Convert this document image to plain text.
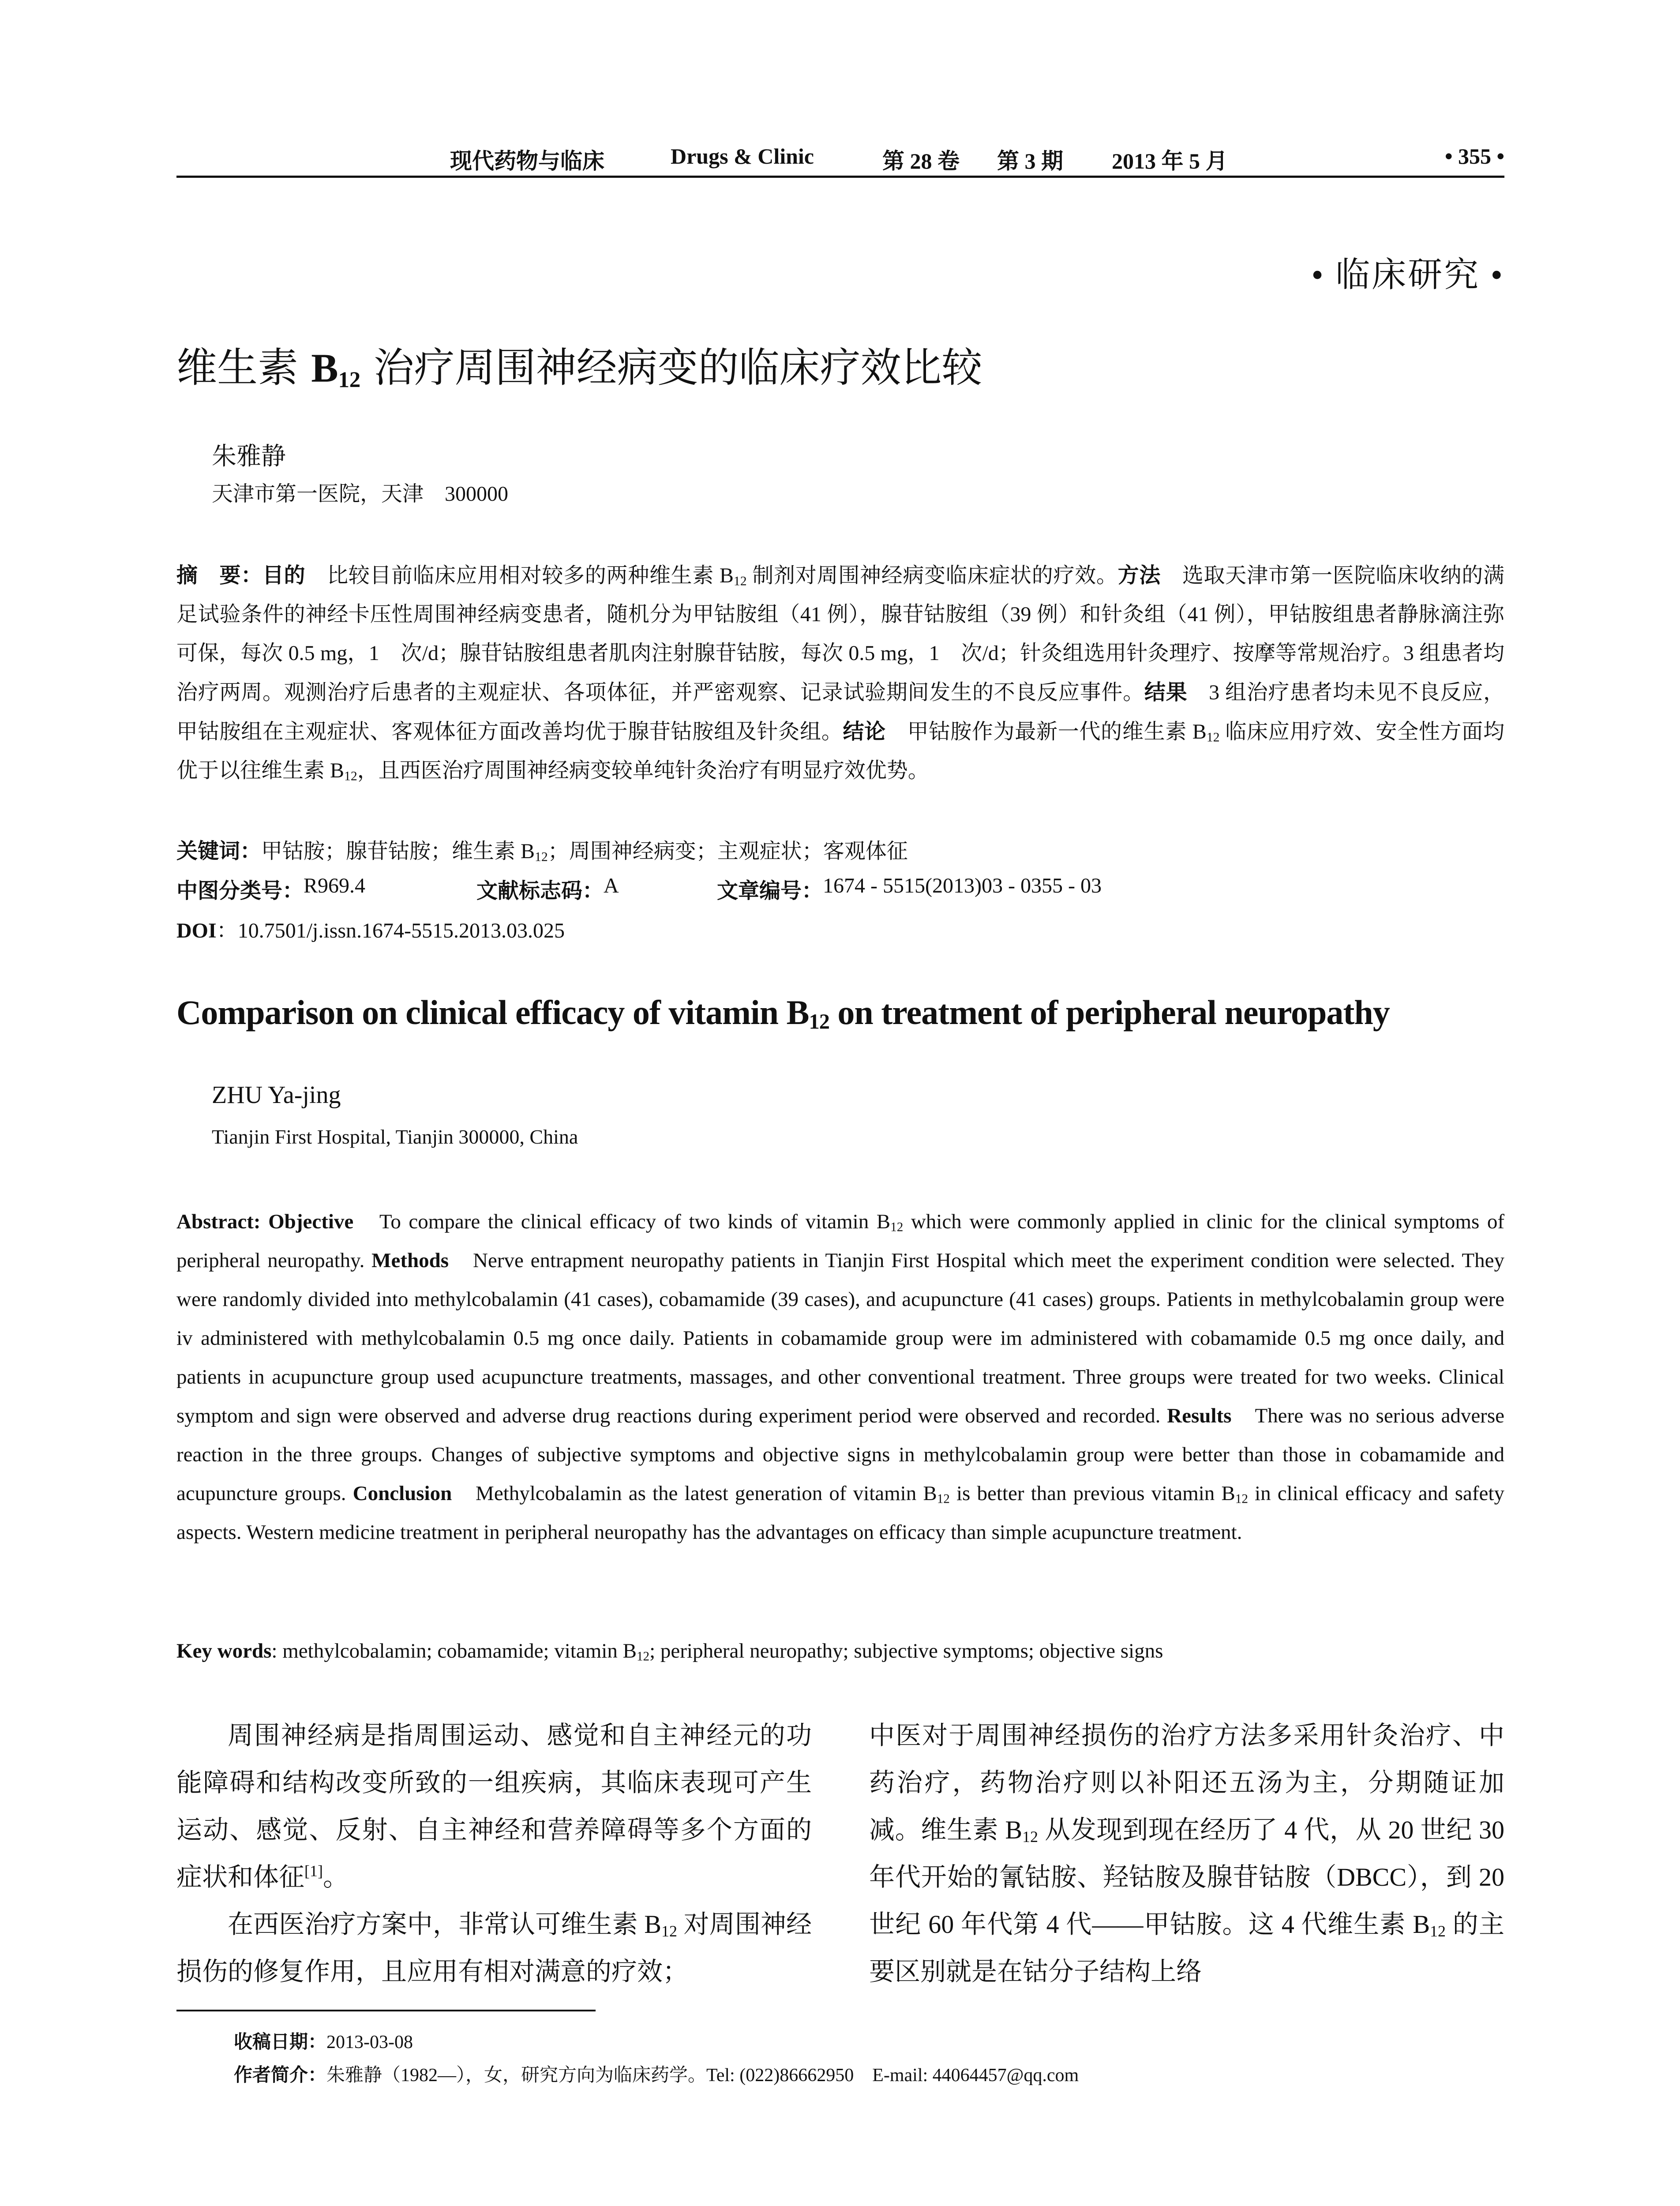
现代药物与临床	Drugs & Clinic	第 28 卷 第 3 期 2013 年 5 月	• 355 •
• 临床研究 •
维生素 $B_{12}$ 治疗周围神经病变的临床疗效比较
朱雅静
天津市第一医院，天津　300000
摘　要：目的　比较目前临床应用相对较多的两种维生素 $B_{12}$ 制剂对周围神经病变临床症状的疗效。方法　选取天津市第一医院临床收纳的满足试验条件的神经卡压性周围神经病变患者，随机分为甲钴胺组（41 例），腺苷钴胺组（39 例）和针灸组（41 例），甲钴胺组患者静脉滴注弥可保，每次 0.5 mg，1　次/d；腺苷钴胺组患者肌肉注射腺苷钴胺，每次 0.5 mg，1　次/d；针灸组选用针灸理疗、按摩等常规治疗。3 组患者均治疗两周。观测治疗后患者的主观症状、各项体征，并严密观察、记录试验期间发生的不良反应事件。结果　3 组治疗患者均未见不良反应，甲钴胺组在主观症状、客观体征方面改善均优于腺苷钴胺组及针灸组。结论　甲钴胺作为最新一代的维生素 $B_{12}$ 临床应用疗效、安全性方面均优于以往维生素 $B_{12}$，且西医治疗周围神经病变较单纯针灸治疗有明显疗效优势。
关键词：甲钴胺；腺苷钴胺；维生素 $B_{12}$；周围神经病变；主观症状；客观体征
中图分类号： R969.4	文献标志码： A	文章编号： 1674 - 5515(2013)03 - 0355 - 03
DOI：10.7501/j.issn.1674-5515.2013.03.025
Comparison on clinical efficacy of vitamin $B_{12}$ on treatment of peripheral neuropathy
ZHU Ya-jing
Tianjin First Hospital, Tianjin 300000, China
Abstract: Objective　To compare the clinical efficacy of two kinds of vitamin $B_{12}$ which were commonly applied in clinic for the clinical symptoms of peripheral neuropathy. Methods　Nerve entrapment neuropathy patients in Tianjin First Hospital which meet the experiment condition were selected. They were randomly divided into methylcobalamin (41 cases), cobamamide (39 cases), and acupuncture (41 cases) groups. Patients in methylcobalamin group were iv administered with methylcobalamin 0.5 mg once daily. Patients in cobamamide group were im administered with cobamamide 0.5 mg once daily, and patients in acupuncture group used acupuncture treatments, massages, and other conventional treatment. Three groups were treated for two weeks. Clinical symptom and sign were observed and adverse drug reactions during experiment period were observed and recorded. Results　There was no serious adverse reaction in the three groups. Changes of subjective symptoms and objective signs in methylcobalamin group were better than those in cobamamide and acupuncture groups. Conclusion　Methylcobalamin as the latest generation of vitamin $B_{12}$ is better than previous vitamin $B_{12}$ in clinical efficacy and safety aspects. Western medicine treatment in peripheral neuropathy has the advantages on efficacy than simple acupuncture treatment.
Key words: methylcobalamin; cobamamide; vitamin $B_{12}$; peripheral neuropathy; subjective symptoms; objective signs

周围神经病是指周围运动、感觉和自主神经元的功能障碍和结构改变所致的一组疾病，其临床表现可产生运动、感觉、反射、自主神经和营养障碍等多个方面的症状和体征[1]。

在西医治疗方案中，非常认可维生素 $B_{12}$ 对周围神经损伤的修复作用，且应用有相对满意的疗效；

中医对于周围神经损伤的治疗方法多采用针灸治疗、中药治疗，药物治疗则以补阳还五汤为主，分期随证加减。维生素 $B_{12}$ 从发现到现在经历了 4 代，从 20 世纪 30 年代开始的氰钴胺、羟钴胺及腺苷钴胺（DBCC），到 20 世纪 60 年代第 4 代——甲钴胺。这 4 代维生素 $B_{12}$ 的主要区别就是在钴分子结构上络

收稿日期：2013-03-08
作者简介：朱雅静（1982—），女，研究方向为临床药学。Tel: (022)86662950　E-mail: 44064457@qq.com
